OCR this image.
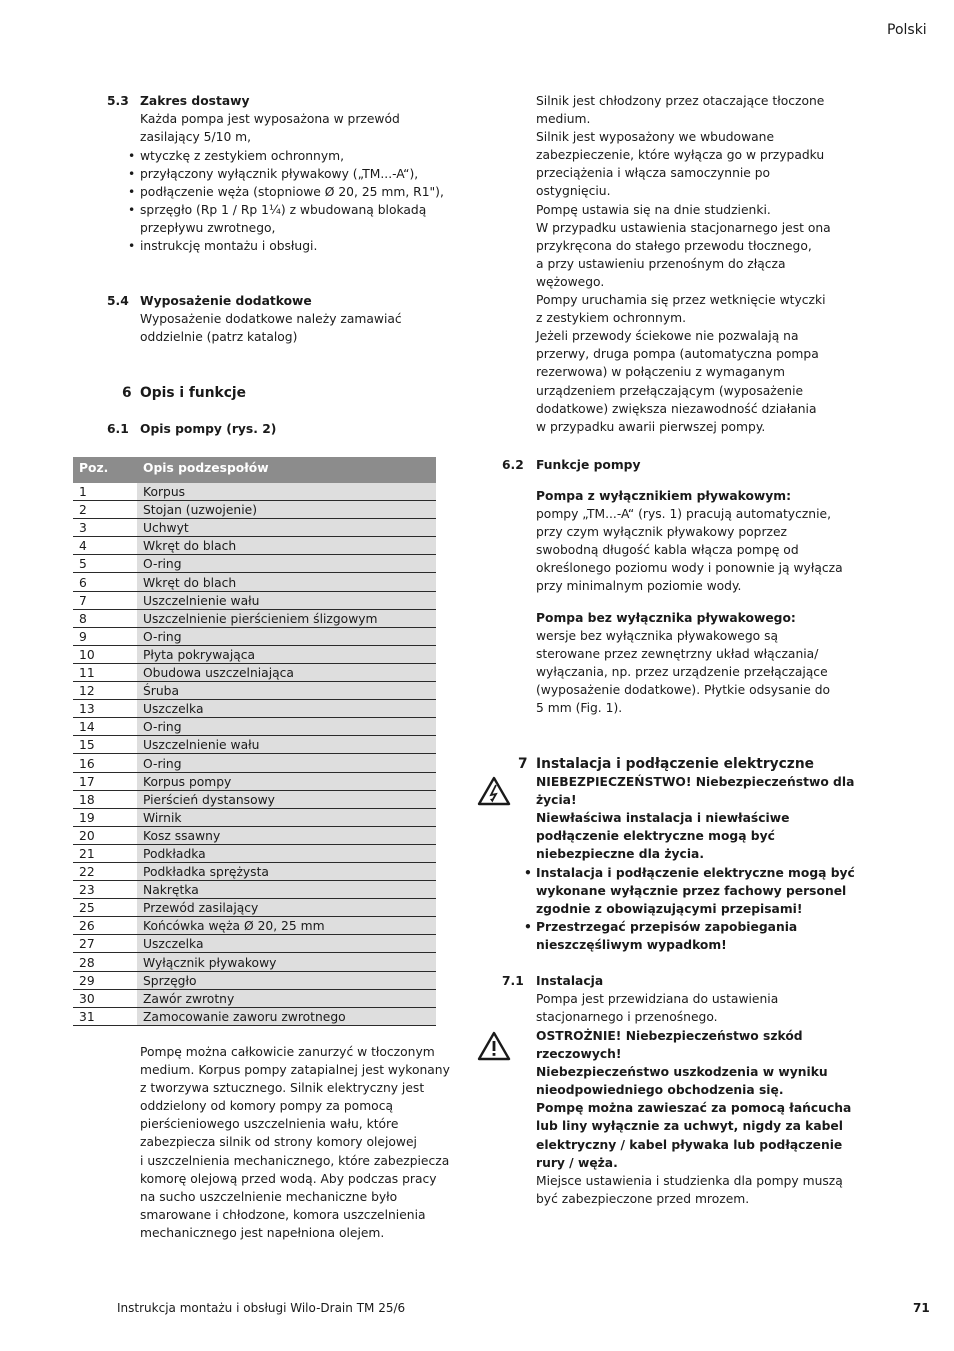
Polski
5.3 Zakres dostawy
Każda pompa jest wyposażona w przewód
zasilający 5/10 m,
• wtyczkę z zestykiem ochronnym,
• przyłączony wyłącznik pływakowy („TM...-A“),
• podłączenie węża (stopniowe Ø 20, 25 mm, R1"),
• sprzęgło (Rp 1 / Rp 1¼) z wbudowaną blokadą
przepływu zwrotnego,
• instrukcję montażu i obsługi.
5.4 Wyposażenie dodatkowe
Wyposażenie dodatkowe należy zamawiać
oddzielnie (patrz katalog)
6 Opis i funkcje
6.1 Opis pompy (rys. 2)
Poz.	Opis podzespołów
1	Korpus
2	Stojan (uzwojenie)
3	Uchwyt
4	Wkręt do blach
5	O-ring
6	Wkręt do blach
7	Uszczelnienie wału
8	Uszczelnienie pierścieniem ślizgowym
9	O-ring
10	Płyta pokrywająca
11	Obudowa uszczelniająca
12	Śruba
13	Uszczelka
14	O-ring
15	Uszczelnienie wału
16	O-ring
17	Korpus pompy
18	Pierścień dystansowy
19	Wirnik
20	Kosz ssawny
21	Podkładka
22	Podkładka sprężysta
23	Nakrętka
25	Przewód zasilający
26	Końcówka węża Ø 20, 25 mm
27	Uszczelka
28	Wyłącznik pływakowy
29	Sprzęgło
30	Zawór zwrotny
31	Zamocowanie zaworu zwrotnego
Pompę można całkowicie zanurzyć w tłoczonym
medium. Korpus pompy zatapialnej jest wykonany
z tworzywa sztucznego. Silnik elektryczny jest
oddzielony od komory pompy za pomocą
pierścieniowego uszczelnienia wału, które
zabezpiecza silnik od strony komory olejowej
i uszczelnienia mechanicznego, które zabezpiecza
komorę olejową przed wodą. Aby podczas pracy
na sucho uszczelnienie mechaniczne było
smarowane i chłodzone, komora uszczelnienia
mechanicznego jest napełniona olejem.
Silnik jest chłodzony przez otaczające tłoczone
medium.
Silnik jest wyposażony we wbudowane
zabezpieczenie, które wyłącza go w przypadku
przeciążenia i włącza samoczynnie po
ostygnięciu.
Pompę ustawia się na dnie studzienki.
W przypadku ustawienia stacjonarnego jest ona
przykręcona do stałego przewodu tłocznego,
a przy ustawieniu przenośnym do złącza
wężowego.
Pompy uruchamia się przez wetknięcie wtyczki
z zestykiem ochronnym.
Jeżeli przewody ściekowe nie pozwalają na
przerwy, druga pompa (automatyczna pompa
rezerwowa) w połączeniu z wymaganym
urządzeniem przełączającym (wyposażenie
dodatkowe) zwiększa niezawodność działania
w przypadku awarii pierwszej pompy.
6.2 Funkcje pompy
Pompa z wyłącznikiem pływakowym:
pompy „TM...-A“ (rys. 1) pracują automatycznie,
przy czym wyłącznik pływakowy poprzez
swobodną długość kabla włącza pompę od
określonego poziomu wody i ponownie ją wyłącza
przy minimalnym poziomie wody.
Pompa bez wyłącznika pływakowego:
wersje bez wyłącznika pływakowego są
sterowane przez zewnętrzny układ włączania/
wyłączania, np. przez urządzenie przełączające
(wyposażenie dodatkowe). Płytkie odsysanie do
5 mm (Fig. 1).
7 Instalacja i podłączenie elektryczne
NIEBEZPIECZEŃSTWO! Niebezpieczeństwo dla
życia!
Niewłaściwa instalacja i niewłaściwe
podłączenie elektryczne mogą być
niebezpieczne dla życia.
• Instalacja i podłączenie elektryczne mogą być
wykonane wyłącznie przez fachowy personel
zgodnie z obowiązującymi przepisami!
• Przestrzegać przepisów zapobiegania
nieszczęśliwym wypadkom!
7.1 Instalacja
Pompa jest przewidziana do ustawienia
stacjonarnego i przenośnego.
OSTROŻNIE! Niebezpieczeństwo szkód
rzeczowych!
Niebezpieczeństwo uszkodzenia w wyniku
nieodpowiedniego obchodzenia się.
Pompę można zawieszać za pomocą łańcucha
lub liny wyłącznie za uchwyt, nigdy za kabel
elektryczny / kabel pływaka lub podłączenie
rury / węża.
Miejsce ustawienia i studzienka dla pompy muszą
być zabezpieczone przed mrozem.
Instrukcja montażu i obsługi Wilo-Drain TM 25/6	71
